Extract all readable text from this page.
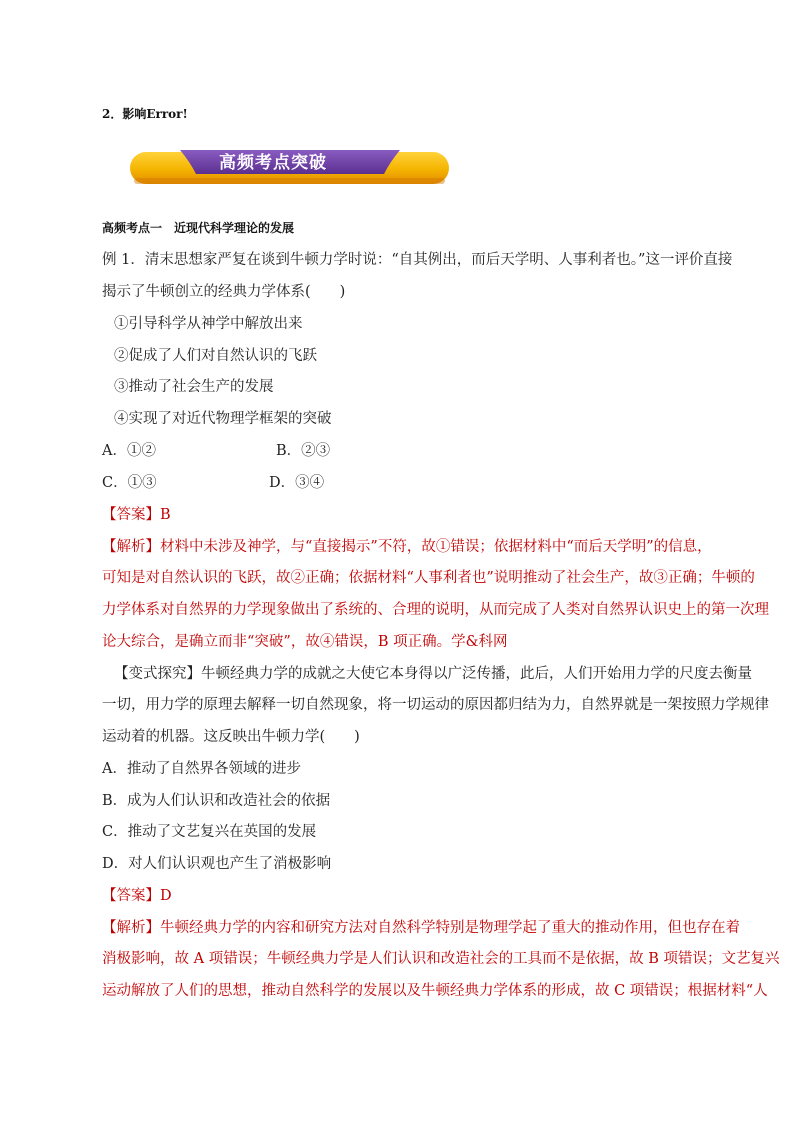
2．影响Error!
高频考点突破
高频考点一　近现代科学理论的发展
例 1．清末思想家严复在谈到牛顿力学时说：“自其例出，而后天学明、人事利者也。”这一评价直接
揭示了牛顿创立的经典力学体系(　　)
①引导科学从神学中解放出来
②促成了人们对自然认识的飞跃
③推动了社会生产的发展
④实现了对近代物理学框架的突破
A．①②	B．②③
C．①③	D．③④
【答案】B
【解析】材料中未涉及神学，与“直接揭示”不符，故①错误；依据材料中“而后天学明”的信息，
可知是对自然认识的飞跃，故②正确；依据材料“人事利者也”说明推动了社会生产，故③正确；牛顿的
力学体系对自然界的力学现象做出了系统的、合理的说明，从而完成了人类对自然界认识史上的第一次理
论大综合，是确立而非“突破”，故④错误，B 项正确。学&科网
【变式探究】牛顿经典力学的成就之大使它本身得以广泛传播，此后，人们开始用力学的尺度去衡量
一切，用力学的原理去解释一切自然现象，将一切运动的原因都归结为力，自然界就是一架按照力学规律
运动着的机器。这反映出牛顿力学(　　)
A．推动了自然界各领域的进步
B．成为人们认识和改造社会的依据
C．推动了文艺复兴在英国的发展
D．对人们认识观也产生了消极影响
【答案】D
【解析】牛顿经典力学的内容和研究方法对自然科学特别是物理学起了重大的推动作用，但也存在着
消极影响，故 A 项错误；牛顿经典力学是人们认识和改造社会的工具而不是依据，故 B 项错误；文艺复兴
运动解放了人们的思想，推动自然科学的发展以及牛顿经典力学体系的形成，故 C 项错误；根据材料“人
